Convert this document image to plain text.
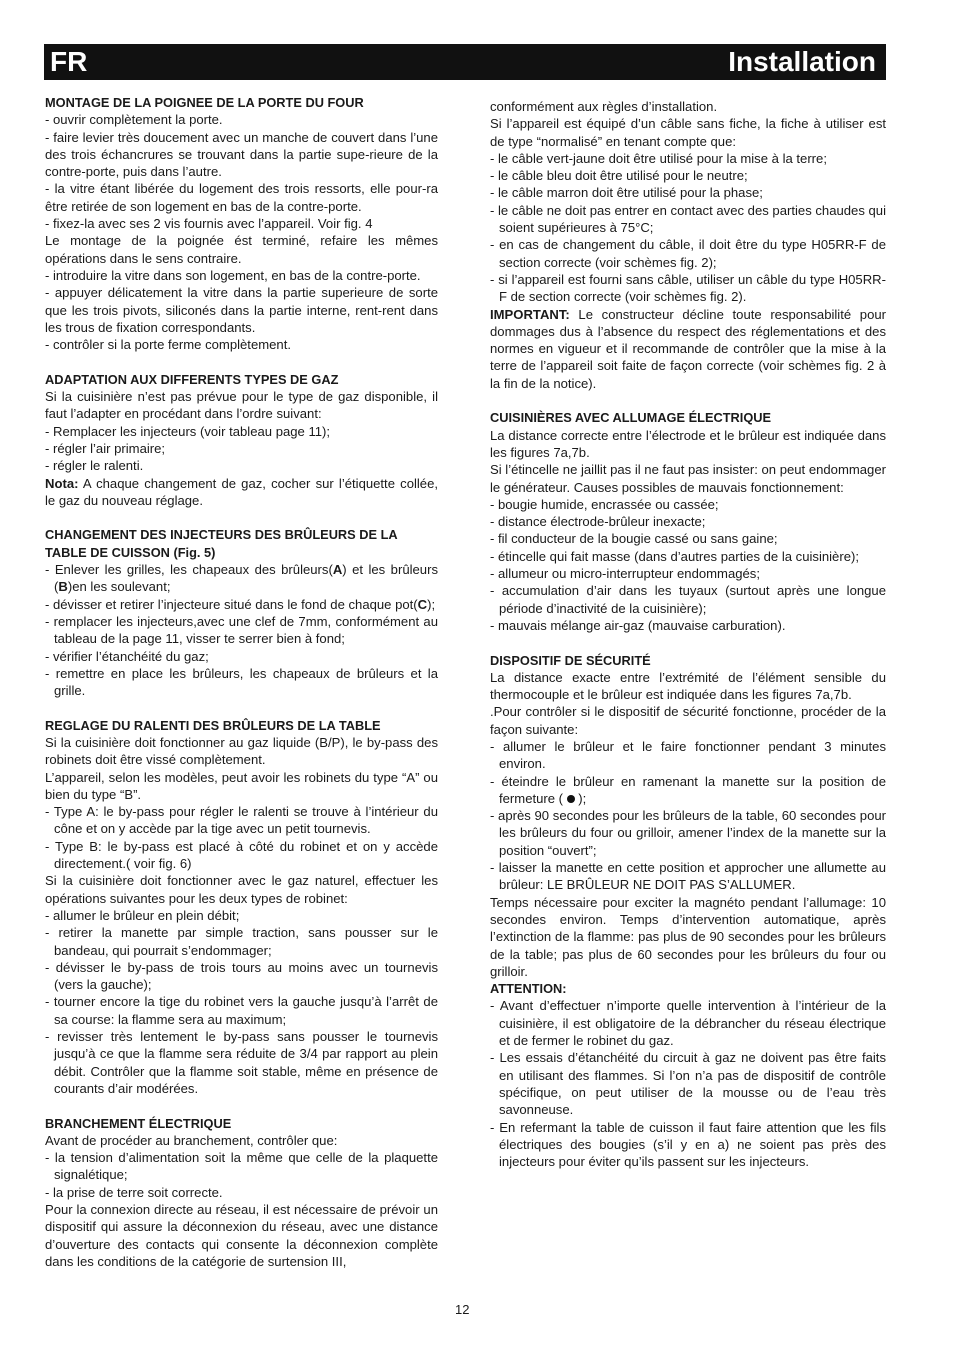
FR	Installation

MONTAGE DE LA POIGNEE DE LA PORTE DU FOUR

- ouvrir complètement la porte.

- faire levier très doucement avec un manche de couvert dans l’une des trois échancrures se trouvant dans la partie supe-rieure de la contre-porte, puis dans l’autre.

- la vitre étant libérée du logement des trois ressorts, elle pour-ra être retirée de son logement en bas de la contre-porte.

- fixez-la avec ses 2 vis fournis avec l’appareil. Voir fig. 4

Le montage de la poignée ést terminé, refaire les mêmes opérations dans le sens contraire.

- introduire la vitre dans son logement, en bas de la contre-porte.

- appuyer délicatement la vitre dans la partie superieure de sorte que les trois pivots, siliconés dans la partie interne, rent-rent dans les trous de fixation correspondants.

- contrôler si la porte ferme complètement.

ADAPTATION AUX DIFFERENTS TYPES DE GAZ

Si la cuisinière n’est pas prévue pour le type de gaz disponible, il faut l’adapter en procédant dans l’ordre suivant:

- Remplacer les injecteurs (voir tableau page 11);

- régler l’air primaire;

- régler le ralenti.

Nota: A chaque changement de gaz, cocher sur l’étiquette collée, le gaz du nouveau réglage.

CHANGEMENT DES INJECTEURS DES BRÛLEURS DE LA TABLE DE CUISSON (Fig. 5)

- Enlever les grilles, les chapeaux des brûleurs(A) et les brûleurs (B)en les soulevant;

- dévisser et retirer l’injecteure situé dans le fond de chaque pot(C);

- remplacer les injecteurs,avec une clef de 7mm, conformément au tableau de la page 11, visser te serrer bien à fond;

- vérifier l’étanchéité du gaz;

- remettre en place les brûleurs, les chapeaux de brûleurs et la grille.

REGLAGE DU RALENTI DES BRÛLEURS DE LA TABLE

Si la cuisinière doit fonctionner au gaz liquide (B/P), le by-pass des robinets doit être vissé complètement.

L’appareil, selon les modèles, peut avoir les robinets du type “A” ou bien du type “B”.

- Type A: le by-pass pour régler le ralenti se trouve à l’intérieur du cône et on y accède par la tige avec un petit tournevis.

- Type B: le by-pass est placé à côté du robinet et on y accède directement.( voir fig. 6)

Si la cuisinière doit fonctionner avec le gaz naturel, effectuer les opérations suivantes pour les deux types de robinet:

- allumer le brûleur en plein débit;

- retirer la manette par simple traction, sans pousser sur le bandeau, qui pourrait s’endommager;

- dévisser le by-pass de trois tours au moins avec un tournevis (vers la gauche);

- tourner encore la tige du robinet vers la gauche jusqu’à l’arrêt de sa course: la flamme sera au maximum;

- revisser très lentement le by-pass sans pousser le tournevis jusqu’à ce que la flamme sera réduite de 3/4 par rapport au plein débit. Contrôler que la flamme soit stable, même en présence de courants d’air modérées.

BRANCHEMENT ÉLECTRIQUE

Avant de procéder au branchement, contrôler que:

- la tension d’alimentation soit la même que celle de la plaquette signalétique;

- la prise de terre soit correcte.

Pour la connexion directe au réseau, il est nécessaire de prévoir un dispositif qui assure la déconnexion du réseau, avec une distance d’ouverture des contacts qui consente la déconnexion complète dans les conditions de la catégorie de surtension III,

conformément aux règles d’installation.

Si l’appareil est équipé d’un câble sans fiche, la fiche à utiliser est de type “normalisé” en tenant compte que:

- le câble vert-jaune doit être utilisé pour la mise à la terre;

- le câble bleu doit être utilisé pour le neutre;

- le câble marron doit être utilisé pour la phase;

- le câble ne doit pas entrer en contact avec des parties chaudes qui soient supérieures à 75°C;

- en cas de changement du câble, il doit être du type H05RR-F de section correcte (voir schèmes fig. 2);

- si l’appareil est fourni sans câble, utiliser un câble du type H05RR-F de section correcte (voir schèmes fig. 2).

IMPORTANT: Le constructeur décline toute responsabilité pour dommages dus à l’absence du respect des réglementations et des normes en vigueur et il recommande de contrôler que la mise à la terre de l’appareil soit faite de façon correcte (voir schèmes fig. 2 à la fin de la notice).

CUISINIÈRES AVEC ALLUMAGE ÉLECTRIQUE

La distance correcte entre l’électrode et le brûleur est indiquée dans les figures 7a,7b.

Si l’étincelle ne jaillit pas il ne faut pas insister: on peut endommager le générateur. Causes possibles de mauvais fonctionnement:

- bougie humide, encrassée ou cassée;

- distance électrode-brûleur inexacte;

- fil conducteur de la bougie cassé ou sans gaine;

- étincelle qui fait masse (dans d’autres parties de la cuisinière);

- allumeur ou micro-interrupteur endommagés;

- accumulation d’air dans les tuyaux (surtout après une longue période d’inactivité de la cuisinière);

- mauvais mélange air-gaz (mauvaise carburation).

DISPOSITIF DE SÉCURITÉ

La distance exacte entre l’extrémité de l’élément sensible du thermocouple et le brûleur est indiquée dans les figures 7a,7b.

.Pour contrôler si le dispositif de sécurité fonctionne, procéder de la façon suivante:

- allumer le brûleur et le faire fonctionner pendant 3 minutes environ.

- éteindre le brûleur en ramenant la manette sur la position de fermeture (  );

- après 90 secondes pour les brûleurs de la table, 60 secondes pour les brûleurs du four ou grilloir, amener l’index de la manette sur la position “ouvert”;

- laisser la manette en cette position et approcher une allumette au brûleur: LE BRÛLEUR NE DOIT PAS S’ALLUMER.

Temps nécessaire pour exciter la magnéto pendant l’allumage: 10 secondes environ. Temps d’intervention automatique, après l’extinction de la flamme: pas plus de 90 secondes pour les brûleurs de la table; pas plus de 60 secondes pour les brûleurs du four ou grilloir.

ATTENTION:

- Avant d’effectuer n’importe quelle intervention à l’intérieur de la cuisinière, il est obligatoire de la débrancher du réseau électrique et de fermer le robinet du gaz.

- Les essais d’étanchéité du circuit à gaz ne doivent pas être faits en utilisant des flammes. Si l’on n’a pas de dispositif de contrôle spécifique, on peut utiliser de la mousse ou de l’eau très savonneuse.

- En refermant la table de cuisson il faut faire attention que les fils électriques des bougies (s’il y en a) ne soient pas près des injecteurs pour éviter qu’ils passent sur les injecteurs.

12
